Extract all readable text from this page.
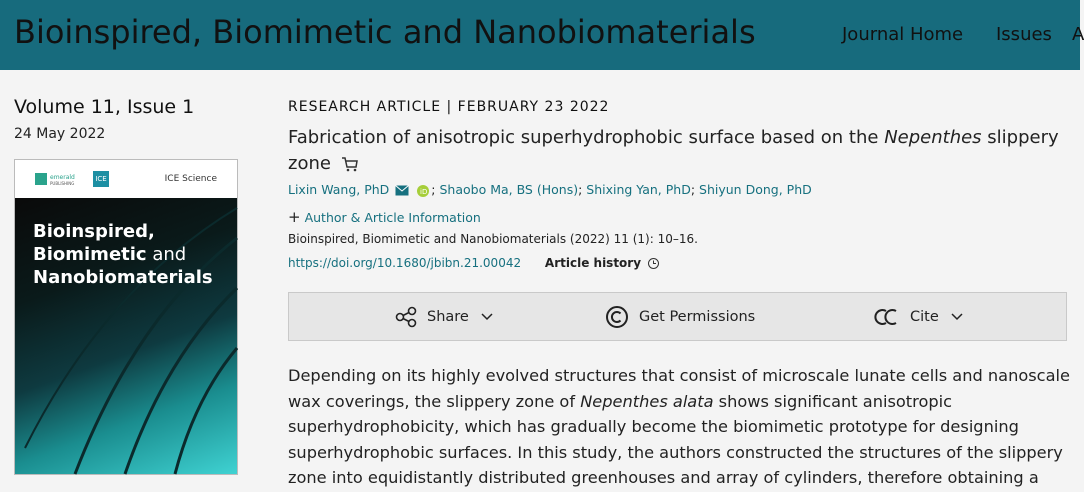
Bioinspired, Biomimetic and Nanobiomaterials	Journal Home Issues A
Volume 11, Issue 1
24 May 2022
emerald
PUBLISHING
ICE	ICE Science
Bioinspired,
Biomimetic and
Nanobiomaterials
RESEARCH ARTICLE | FEBRUARY 23 2022
Fabrication of anisotropic superhydrophobic surface based on the Nepenthes slippery zone
Lixin Wang, PhD	iD ; Shaobo Ma, BS (Hons); Shixing Yan, PhD; Shiyun Dong, PhD
+ Author & Article Information
Bioinspired, Biomimetic and Nanobiomaterials (2022) 11 (1): 10–16.
https://doi.org/10.1680/jbibn.21.00042 Article history
Share	Get Permissions	Cite
Depending on its highly evolved structures that consist of microscale lunate cells and nanoscale wax coverings, the slippery zone of Nepenthes alata shows significant anisotropic superhydrophobicity, which has gradually become the biomimetic prototype for designing superhydrophobic surfaces. In this study, the authors constructed the structures of the slippery zone into equidistantly distributed greenhouses and array of cylinders, therefore obtaining a
